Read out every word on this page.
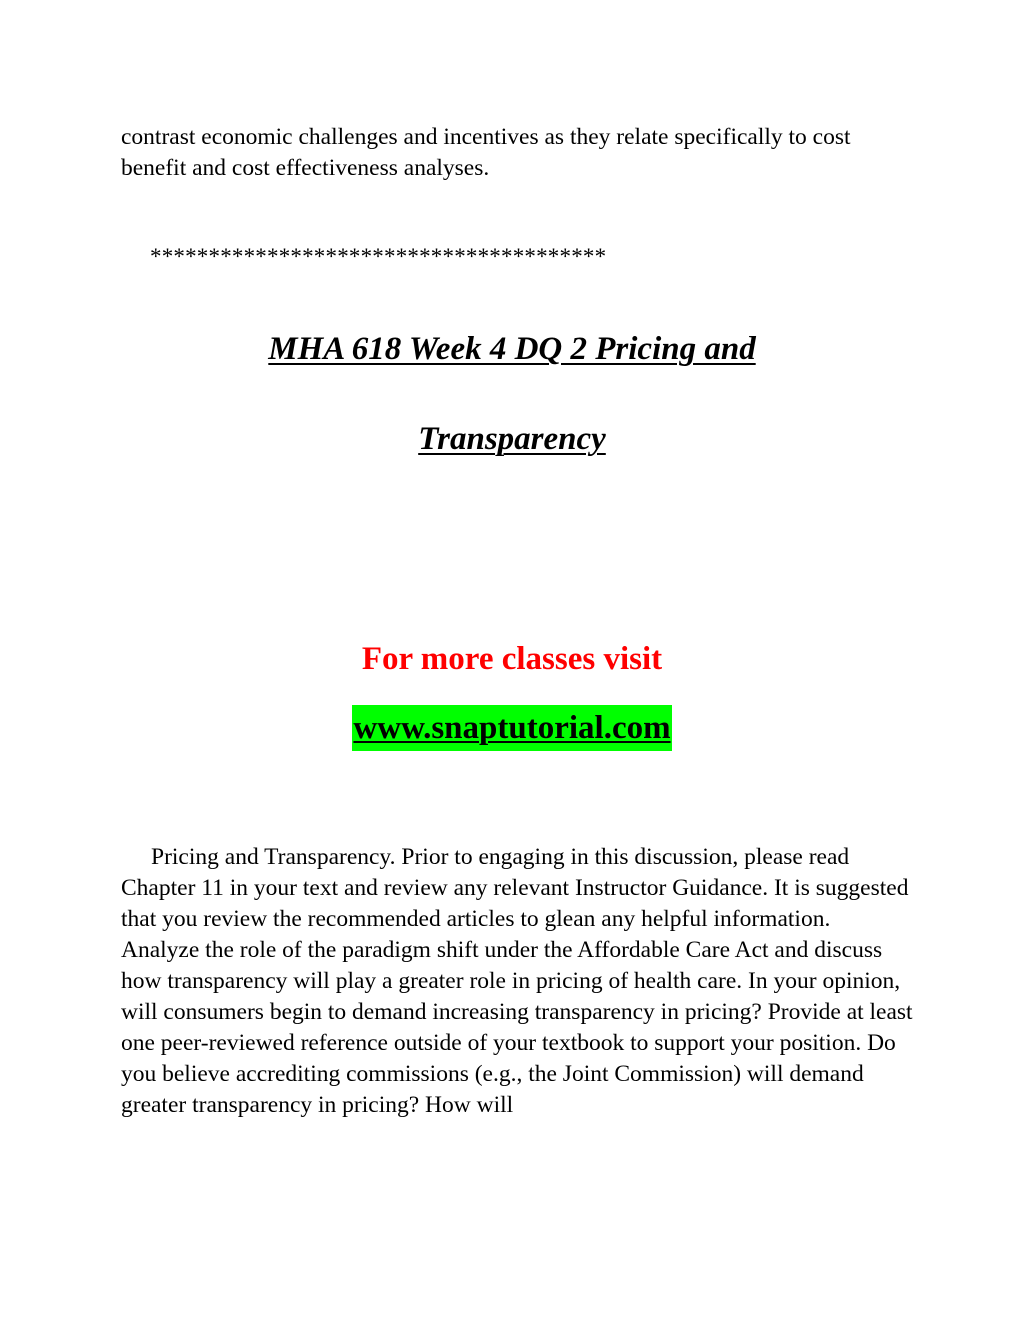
contrast economic challenges and incentives as they relate specifically to cost benefit and cost effectiveness analyses.
***************************************
MHA 618 Week 4 DQ 2 Pricing and
Transparency
For more classes visit
www.snaptutorial.com
Pricing and Transparency. Prior to engaging in this discussion, please read Chapter 11 in your text and review any relevant Instructor Guidance. It is suggested that you review the recommended articles to glean any helpful information. Analyze the role of the paradigm shift under the Affordable Care Act and discuss how transparency will play a greater role in pricing of health care. In your opinion, will consumers begin to demand increasing transparency in pricing? Provide at least one peer-reviewed reference outside of your textbook to support your position. Do you believe accrediting commissions (e.g., the Joint Commission) will demand greater transparency in pricing? How will
